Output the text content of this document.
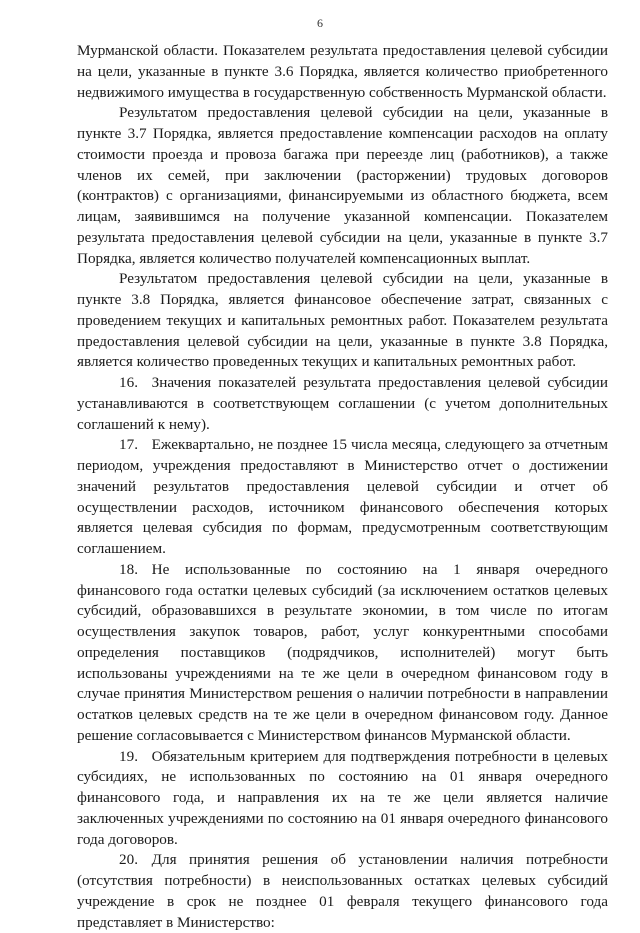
6

Мурманской области. Показателем результата предоставления целевой субсидии на цели, указанные в пункте 3.6 Порядка, является количество приобретенного недвижимого имущества в государственную собственность Мурманской области.

Результатом предоставления целевой субсидии на цели, указанные в пункте 3.7 Порядка, является предоставление компенсации расходов на оплату стоимости проезда и провоза багажа при переезде лиц (работников), а также членов их семей, при заключении (расторжении) трудовых договоров (контрактов) с организациями, финансируемыми из областного бюджета, всем лицам, заявившимся на получение указанной компенсации. Показателем результата предоставления целевой субсидии на цели, указанные в пункте 3.7 Порядка, является количество получателей компенсационных выплат.

Результатом предоставления целевой субсидии на цели, указанные в пункте 3.8 Порядка, является финансовое обеспечение затрат, связанных с проведением текущих и капитальных ремонтных работ. Показателем результата предоставления целевой субсидии на цели, указанные в пункте 3.8 Порядка, является количество проведенных текущих и капитальных ремонтных работ.

16. Значения показателей результата предоставления целевой субсидии устанавливаются в соответствующем соглашении (с учетом дополнительных соглашений к нему).

17. Ежеквартально, не позднее 15 числа месяца, следующего за отчетным периодом, учреждения предоставляют в Министерство отчет о достижении значений результатов предоставления целевой субсидии и отчет об осуществлении расходов, источником финансового обеспечения которых является целевая субсидия по формам, предусмотренным соответствующим соглашением.

18. Не использованные по состоянию на 1 января очередного финансового года остатки целевых субсидий (за исключением остатков целевых субсидий, образовавшихся в результате экономии, в том числе по итогам осуществления закупок товаров, работ, услуг конкурентными способами определения поставщиков (подрядчиков, исполнителей) могут быть использованы учреждениями на те же цели в очередном финансовом году в случае принятия Министерством решения о наличии потребности в направлении остатков целевых средств на те же цели в очередном финансовом году. Данное решение согласовывается с Министерством финансов Мурманской области.

19. Обязательным критерием для подтверждения потребности в целевых субсидиях, не использованных по состоянию на 01 января очередного финансового года, и направления их на те же цели является наличие заключенных учреждениями по состоянию на 01 января очередного финансового года договоров.

20. Для принятия решения об установлении наличия потребности (отсутствия потребности) в неиспользованных остатках целевых субсидий учреждение в срок не позднее 01 февраля текущего финансового года представляет в Министерство:
